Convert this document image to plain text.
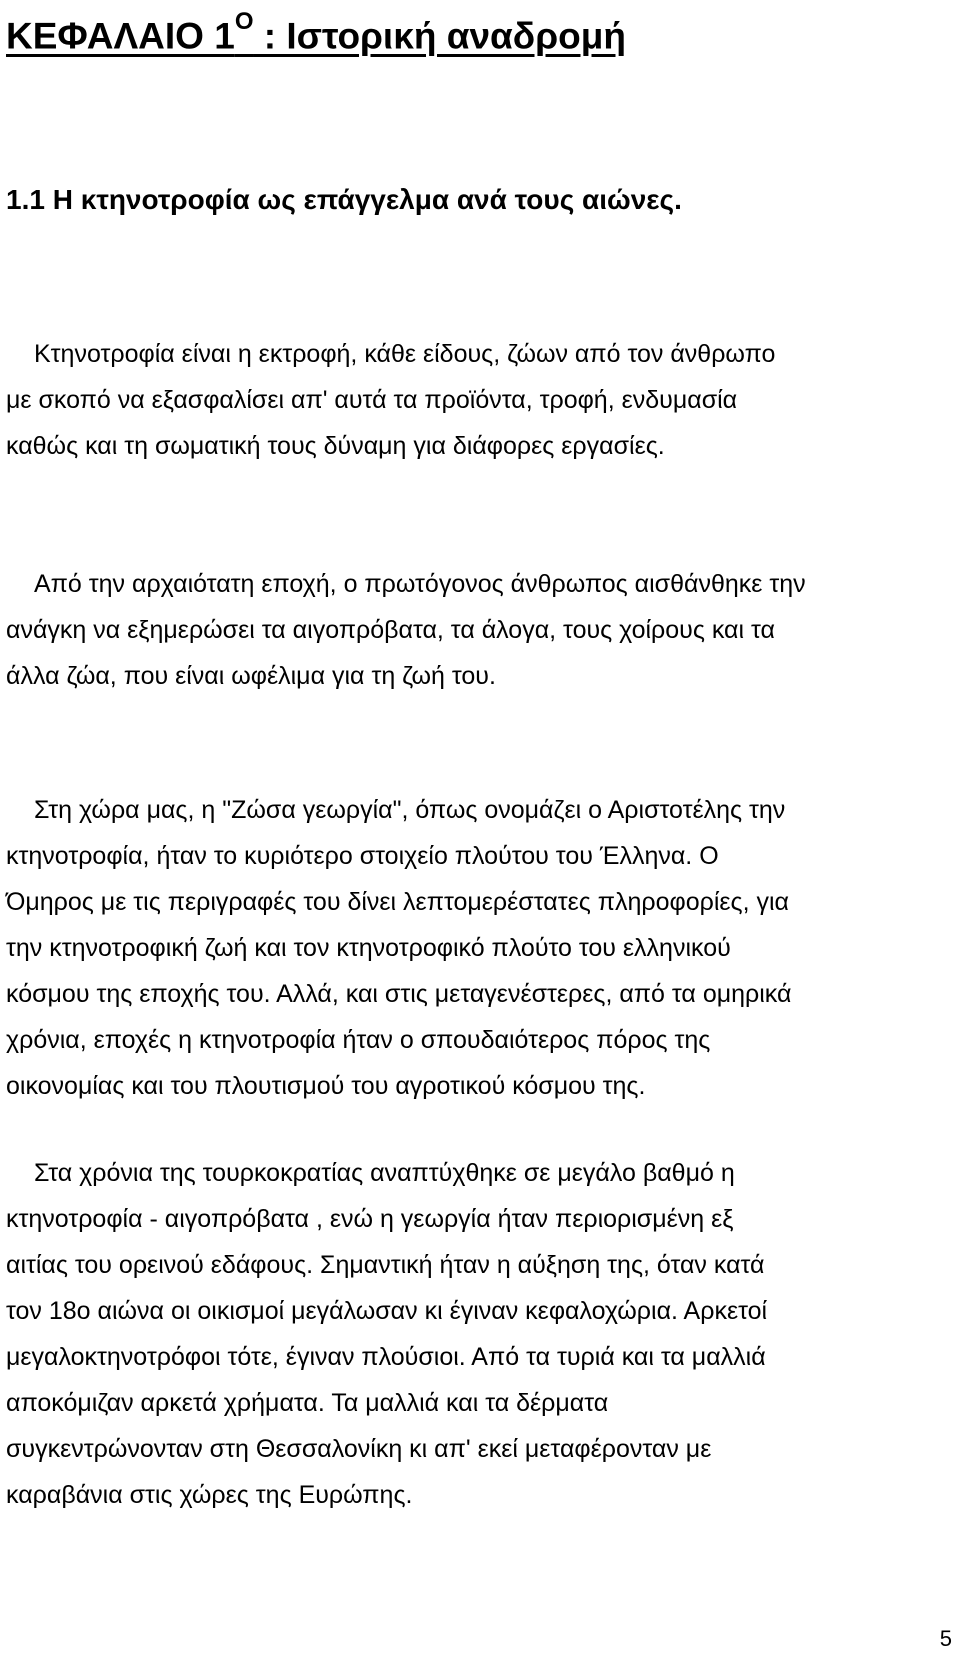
ΚΕΦΑΛΑΙΟ $1^O$ : Ιστορική αναδρομή
1.1 Η κτηνοτροφία ως επάγγελμα ανά τους αιώνες.

Κτηνοτροφία είναι η εκτροφή, κάθε είδους, ζώων από τον άνθρωπο
με σκοπό να εξασφαλίσει απ' αυτά τα προϊόντα, τροφή, ενδυμασία
καθώς και τη σωματική τους δύναμη για διάφορες εργασίες.

Από την αρχαιότατη εποχή, ο πρωτόγονος άνθρωπος αισθάνθηκε την
ανάγκη να εξημερώσει τα αιγοπρόβατα, τα άλογα, τους χοίρους και τα
άλλα ζώα, που είναι ωφέλιμα για τη ζωή του.

Στη χώρα μας, η "Ζώσα γεωργία", όπως ονομάζει ο Αριστοτέλης την
κτηνοτροφία, ήταν το κυριότερο στοιχείο πλούτου του Έλληνα. Ο
Όμηρος με τις περιγραφές του δίνει λεπτομερέστατες πληροφορίες, για
την κτηνοτροφική ζωή και τον κτηνοτροφικό πλούτο του ελληνικού
κόσμου της εποχής του. Αλλά, και στις μεταγενέστερες, από τα ομηρικά
χρόνια, εποχές η κτηνοτροφία ήταν ο σπουδαιότερος πόρος της
οικονομίας και του πλουτισμού του αγροτικού κόσμου της.

Στα χρόνια της τουρκοκρατίας αναπτύχθηκε σε μεγάλο βαθμό η
κτηνοτροφία - αιγοπρόβατα , ενώ η γεωργία ήταν περιορισμένη εξ
αιτίας του ορεινού εδάφους. Σημαντική ήταν η αύξηση της, όταν κατά
τον 18ο αιώνα οι οικισμοί μεγάλωσαν κι έγιναν κεφαλοχώρια. Αρκετοί
μεγαλοκτηνοτρόφοι τότε, έγιναν πλούσιοι. Από τα τυριά και τα μαλλιά
αποκόμιζαν αρκετά χρήματα. Τα μαλλιά και τα δέρματα
συγκεντρώνονταν στη Θεσσαλονίκη κι απ' εκεί μεταφέρονταν με
καραβάνια στις χώρες της Ευρώπης.

5
